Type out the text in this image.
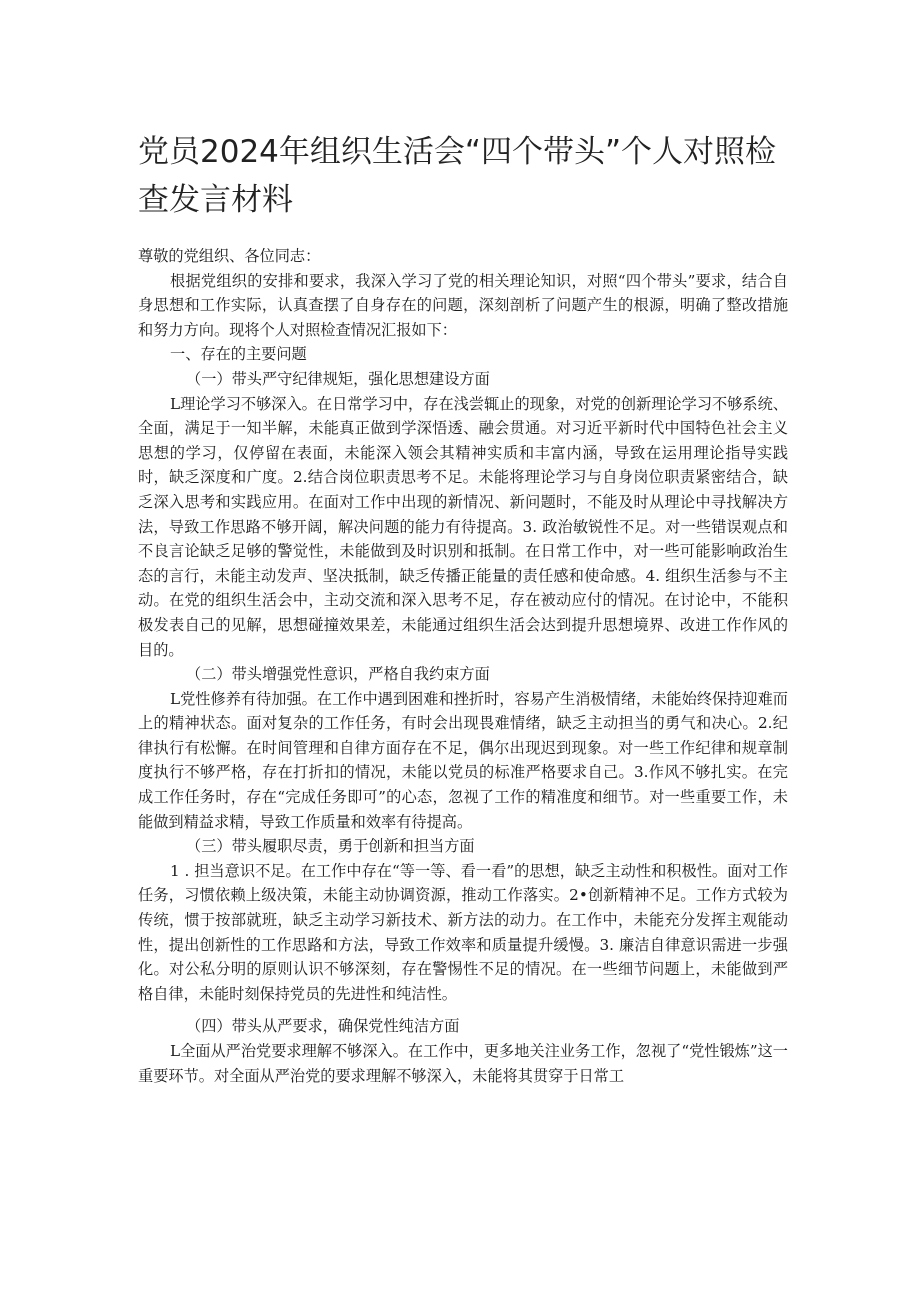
党员2024年组织生活会“四个带头”个人对照检查发言材料

尊敬的党组织、各位同志：

根据党组织的安排和要求，我深入学习了党的相关理论知识，对照“四个带头”要求，结合自身思想和工作实际，认真查摆了自身存在的问题，深刻剖析了问题产生的根源，明确了整改措施和努力方向。现将个人对照检查情况汇报如下：

一、存在的主要问题

（一）带头严守纪律规矩，强化思想建设方面

L理论学习不够深入。在日常学习中，存在浅尝辄止的现象，对党的创新理论学习不够系统、全面，满足于一知半解，未能真正做到学深悟透、融会贯通。对习近平新时代中国特色社会主义思想的学习，仅停留在表面，未能深入领会其精神实质和丰富内涵，导致在运用理论指导实践时，缺乏深度和广度。2.结合岗位职责思考不足。未能将理论学习与自身岗位职责紧密结合，缺乏深入思考和实践应用。在面对工作中出现的新情况、新问题时，不能及时从理论中寻找解决方法，导致工作思路不够开阔，解决问题的能力有待提高。3. 政治敏锐性不足。对一些错误观点和不良言论缺乏足够的警觉性，未能做到及时识别和抵制。在日常工作中，对一些可能影响政治生态的言行，未能主动发声、坚决抵制，缺乏传播正能量的责任感和使命感。4. 组织生活参与不主动。在党的组织生活会中，主动交流和深入思考不足，存在被动应付的情况。在讨论中，不能积极发表自己的见解，思想碰撞效果差，未能通过组织生活会达到提升思想境界、改进工作作风的目的。

（二）带头增强党性意识，严格自我约束方面

L党性修养有待加强。在工作中遇到困难和挫折时，容易产生消极情绪，未能始终保持迎难而上的精神状态。面对复杂的工作任务，有时会出现畏难情绪，缺乏主动担当的勇气和决心。2.纪律执行有松懈。在时间管理和自律方面存在不足，偶尔出现迟到现象。对一些工作纪律和规章制度执行不够严格，存在打折扣的情况，未能以党员的标准严格要求自己。3.作风不够扎实。在完成工作任务时，存在“完成任务即可”的心态，忽视了工作的精准度和细节。对一些重要工作，未能做到精益求精，导致工作质量和效率有待提高。

（三）带头履职尽责，勇于创新和担当方面

1 . 担当意识不足。在工作中存在“等一等、看一看”的思想，缺乏主动性和积极性。面对工作任务，习惯依赖上级决策，未能主动协调资源，推动工作落实。2•创新精神不足。工作方式较为传统，惯于按部就班，缺乏主动学习新技术、新方法的动力。在工作中，未能充分发挥主观能动性，提出创新性的工作思路和方法，导致工作效率和质量提升缓慢。3. 廉洁自律意识需进一步强化。对公私分明的原则认识不够深刻，存在警惕性不足的情况。在一些细节问题上，未能做到严格自律，未能时刻保持党员的先进性和纯洁性。

（四）带头从严要求，确保党性纯洁方面

L全面从严治党要求理解不够深入。在工作中，更多地关注业务工作，忽视了“党性锻炼”这一重要环节。对全面从严治党的要求理解不够深入，未能将其贯穿于日常工
